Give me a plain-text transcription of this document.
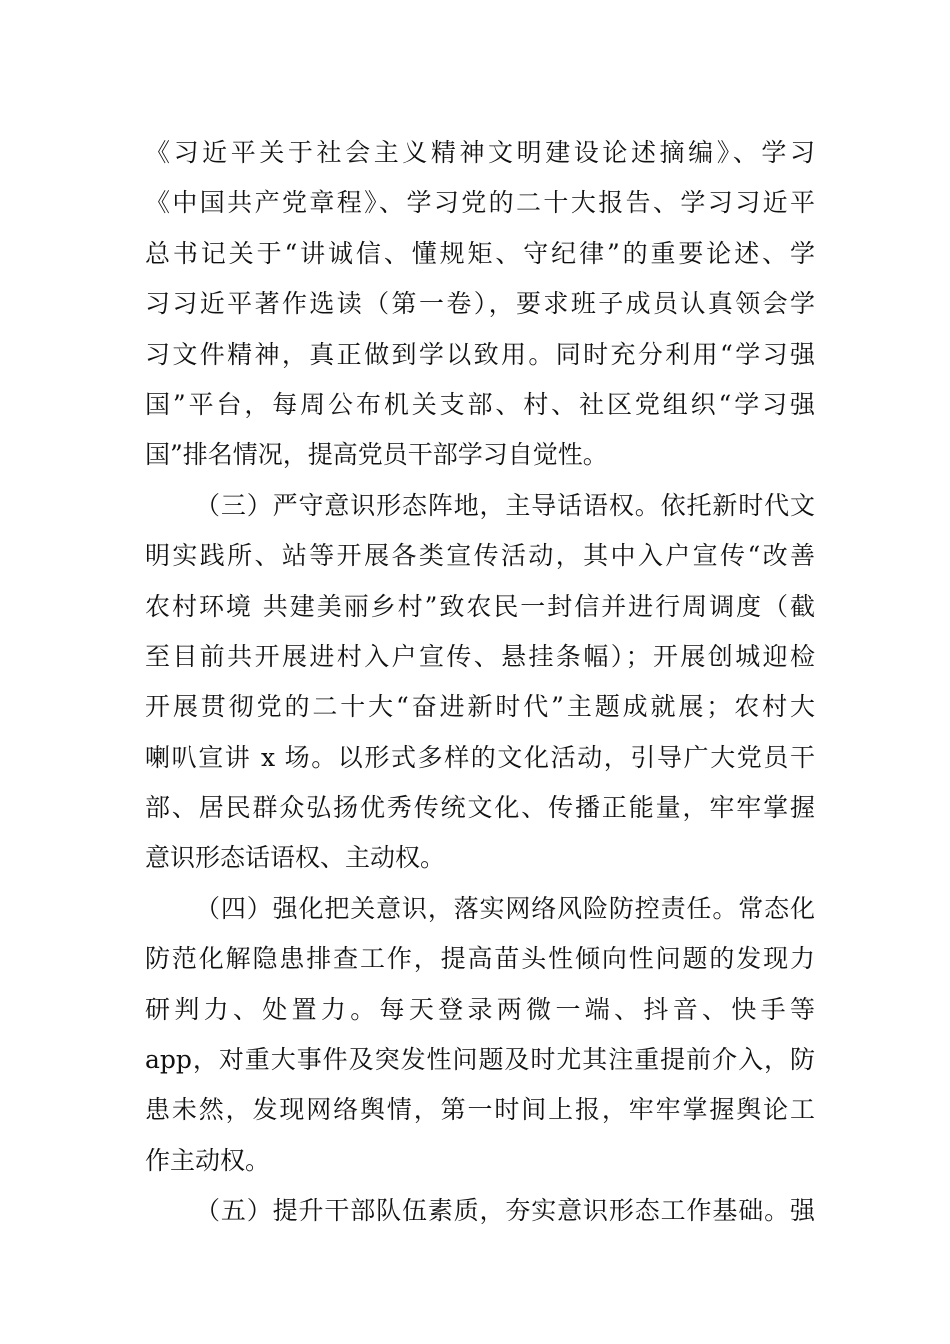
《习近平关于社会主义精神文明建设论述摘编》、学习
《中国共产党章程》、学习党的二十大报告、学习习近平
总书记关于“讲诚信、懂规矩、守纪律”的重要论述、学
习习近平著作选读（第一卷），要求班子成员认真领会学
习文件精神，真正做到学以致用。同时充分利用“学习强
国”平台，每周公布机关支部、村、社区党组织“学习强
国”排名情况，提高党员干部学习自觉性。
（三）严守意识形态阵地，主导话语权。依托新时代文
明实践所、站等开展各类宣传活动，其中入户宣传“改善
农村环境 共建美丽乡村”致农民一封信并进行周调度（截
至目前共开展进村入户宣传、悬挂条幅）；开展创城迎检
开展贯彻党的二十大“奋进新时代”主题成就展；农村大
喇叭宣讲 x 场。以形式多样的文化活动，引导广大党员干
部、居民群众弘扬优秀传统文化、传播正能量，牢牢掌握
意识形态话语权、主动权。
（四）强化把关意识，落实网络风险防控责任。常态化
防范化解隐患排查工作，提高苗头性倾向性问题的发现力
研判力、处置力。每天登录两微一端、抖音、快手等
app，对重大事件及突发性问题及时尤其注重提前介入，防
患未然，发现网络舆情，第一时间上报，牢牢掌握舆论工
作主动权。
（五）提升干部队伍素质，夯实意识形态工作基础。强
